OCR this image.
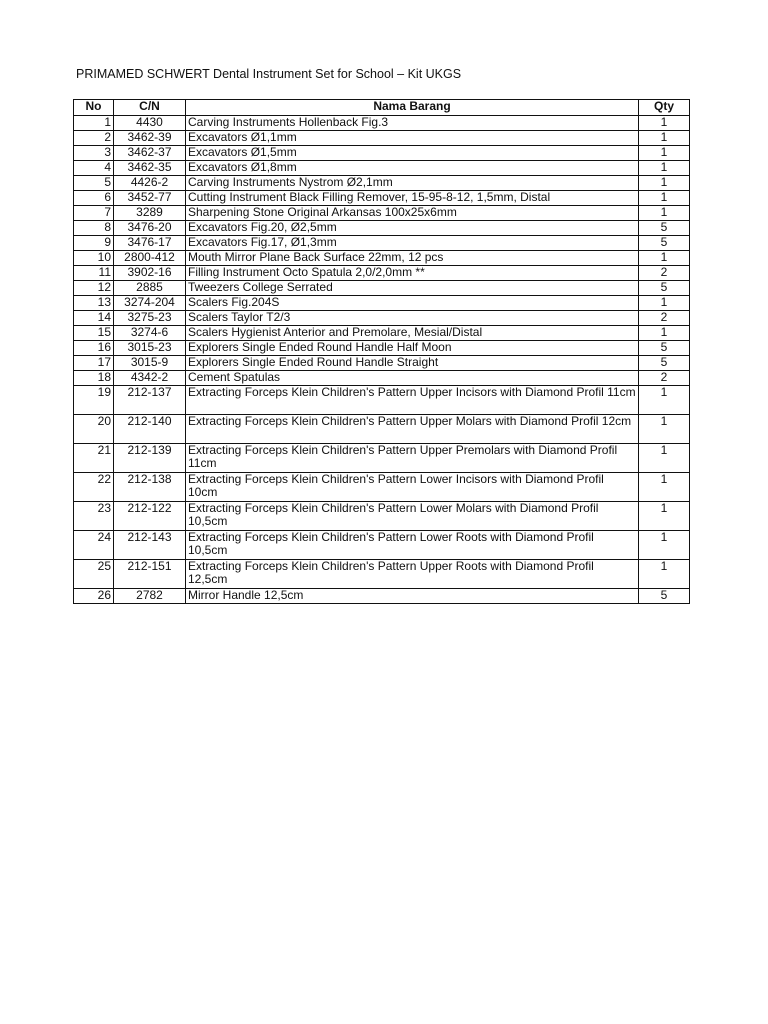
PRIMAMED SCHWERT Dental Instrument Set for School – Kit UKGS
No	C/N	Nama Barang	Qty
1	4430	Carving Instruments Hollenback Fig.3	1
2	3462-39	Excavators Ø1,1mm	1
3	3462-37	Excavators Ø1,5mm	1
4	3462-35	Excavators Ø1,8mm	1
5	4426-2	Carving Instruments Nystrom Ø2,1mm	1
6	3452-77	Cutting Instrument Black Filling Remover, 15-95-8-12, 1,5mm, Distal	1
7	3289	Sharpening Stone Original Arkansas 100x25x6mm	1
8	3476-20	Excavators Fig.20, Ø2,5mm	5
9	3476-17	Excavators Fig.17, Ø1,3mm	5
10	2800-412	Mouth Mirror Plane Back Surface 22mm, 12 pcs	1
11	3902-16	Filling Instrument Octo Spatula 2,0/2,0mm **	2
12	2885	Tweezers College Serrated	5
13	3274-204	Scalers Fig.204S	1
14	3275-23	Scalers Taylor T2/3	2
15	3274-6	Scalers Hygienist Anterior and Premolare, Mesial/Distal	1
16	3015-23	Explorers Single Ended Round Handle Half Moon	5
17	3015-9	Explorers Single Ended Round Handle Straight	5
18	4342-2	Cement Spatulas	2
19	212-137	Extracting Forceps Klein Children's Pattern Upper Incisors with Diamond Profil 11cm	1
20	212-140	Extracting Forceps Klein Children's Pattern Upper Molars with Diamond Profil 12cm	1
21	212-139	Extracting Forceps Klein Children's Pattern Upper Premolars with Diamond Profil 11cm	1
22	212-138	Extracting Forceps Klein Children's Pattern Lower Incisors with Diamond Profil 10cm	1
23	212-122	Extracting Forceps Klein Children's Pattern Lower Molars with Diamond Profil 10,5cm	1
24	212-143	Extracting Forceps Klein Children's Pattern Lower Roots with Diamond Profil 10,5cm	1
25	212-151	Extracting Forceps Klein Children's Pattern Upper Roots with Diamond Profil 12,5cm	1
26	2782	Mirror Handle 12,5cm	5
